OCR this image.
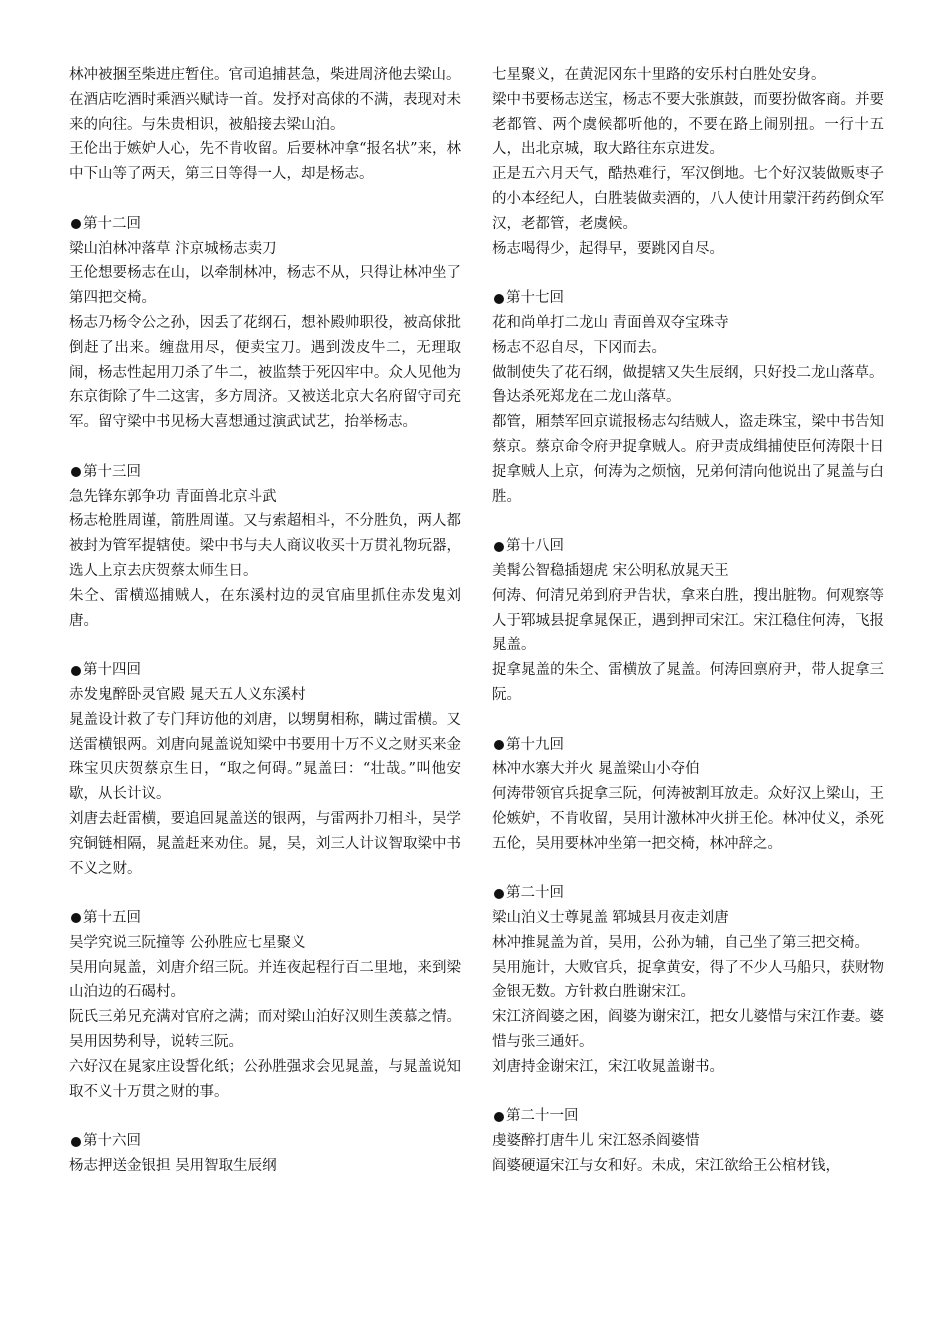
林冲被捆至柴进庄暂住。官司追捕甚急，柴进周济他去梁山。

在酒店吃酒时乘酒兴赋诗一首。发抒对高俅的不满，表现对未来的向往。与朱贵相识，被船接去梁山泊。

王伦出于嫉妒人心，先不肯收留。后要林冲拿“报名状”来，林中下山等了两天，第三日等得一人，却是杨志。

第十二回

梁山泊林冲落草 汴京城杨志卖刀

王伦想要杨志在山，以牵制林冲，杨志不从，只得让林冲坐了第四把交椅。

杨志乃杨令公之孙，因丢了花纲石，想补殿帅职役，被高俅批倒赶了出来。缠盘用尽，便卖宝刀。遇到泼皮牛二，无理取闹，杨志性起用刀杀了牛二，被监禁于死囚牢中。众人见他为东京街除了牛二这害，多方周济。又被送北京大名府留守司充军。留守梁中书见杨大喜想通过演武试艺，抬举杨志。

第十三回

急先锋东郭争功 青面兽北京斗武

杨志枪胜周谨，箭胜周谨。又与索超相斗，不分胜负，两人都被封为管军提辖使。梁中书与夫人商议收买十万贯礼物玩器，选人上京去庆贺蔡太师生日。

朱仝、雷横巡捕贼人，在东溪村边的灵官庙里抓住赤发鬼刘唐。

第十四回

赤发鬼醉卧灵官殿 晁天五人义东溪村

晁盖设计救了专门拜访他的刘唐，以甥舅相称，瞒过雷横。又送雷横银两。刘唐向晁盖说知梁中书要用十万不义之财买来金珠宝贝庆贺蔡京生日，“取之何碍。”晁盖曰：“壮哉。”叫他安歇，从长计议。

刘唐去赶雷横，要追回晁盖送的银两，与雷两扑刀相斗，吴学究铜链相隔，晁盖赶来劝住。晁，吴，刘三人计议智取梁中书不义之财。

第十五回

吴学究说三阮撞等 公孙胜应七星聚义

吴用向晁盖，刘唐介绍三阮。并连夜起程行百二里地，来到梁山泊边的石碣村。

阮氏三弟兄充满对官府之满；而对梁山泊好汉则生羡慕之情。吴用因势利导，说转三阮。

六好汉在晁家庄设誓化纸；公孙胜强求会见晁盖，与晁盖说知取不义十万贯之财的事。

第十六回

杨志押送金银担 吴用智取生辰纲

七星聚义，在黄泥冈东十里路的安乐村白胜处安身。

梁中书要杨志送宝，杨志不要大张旗鼓，而要扮做客商。并要老都管、两个虞候都听他的，不要在路上闹别扭。一行十五人，出北京城，取大路往东京进发。

正是五六月天气，酷热难行，军汉倒地。七个好汉装做贩枣子的小本经纪人，白胜装做卖酒的，八人使计用蒙汗药药倒众军汉，老都管，老虞候。

杨志喝得少，起得早，要跳冈自尽。

第十七回

花和尚单打二龙山 青面兽双夺宝珠寺

杨志不忍自尽，下冈而去。

做制使失了花石纲，做提辖又失生辰纲，只好投二龙山落草。

鲁达杀死郑龙在二龙山落草。

都管，厢禁军回京谎报杨志勾结贼人，盗走珠宝，梁中书告知蔡京。蔡京命令府尹捉拿贼人。府尹责成缉捕使臣何涛限十日捉拿贼人上京，何涛为之烦恼，兄弟何清向他说出了晁盖与白胜。

第十八回

美髯公智稳插翅虎 宋公明私放晁天王

何涛、何清兄弟到府尹告状，拿来白胜，搜出脏物。何观察等人于郓城县捉拿晁保正，遇到押司宋江。宋江稳住何涛，飞报晁盖。

捉拿晁盖的朱仝、雷横放了晁盖。何涛回禀府尹，带人捉拿三阮。

第十九回

林冲水寨大并火 晁盖梁山小夺伯

何涛带领官兵捉拿三阮，何涛被割耳放走。众好汉上梁山，王伦嫉妒，不肯收留，吴用计激林冲火拼王伦。林冲仗义，杀死五伦，吴用要林冲坐第一把交椅，林冲辞之。

第二十回

梁山泊义士尊晁盖 郓城县月夜走刘唐

林冲推晁盖为首，吴用，公孙为辅，自己坐了第三把交椅。

吴用施计，大败官兵，捉拿黄安，得了不少人马船只，获财物金银无数。方针救白胜谢宋江。

宋江济阎婆之困，阎婆为谢宋江，把女儿婆惜与宋江作妻。婆惜与张三通奸。

刘唐持金谢宋江，宋江收晁盖谢书。

第二十一回

虔婆醉打唐牛儿 宋江怒杀阎婆惜

阎婆硬逼宋江与女和好。未成，宋江欲给王公棺材钱，
